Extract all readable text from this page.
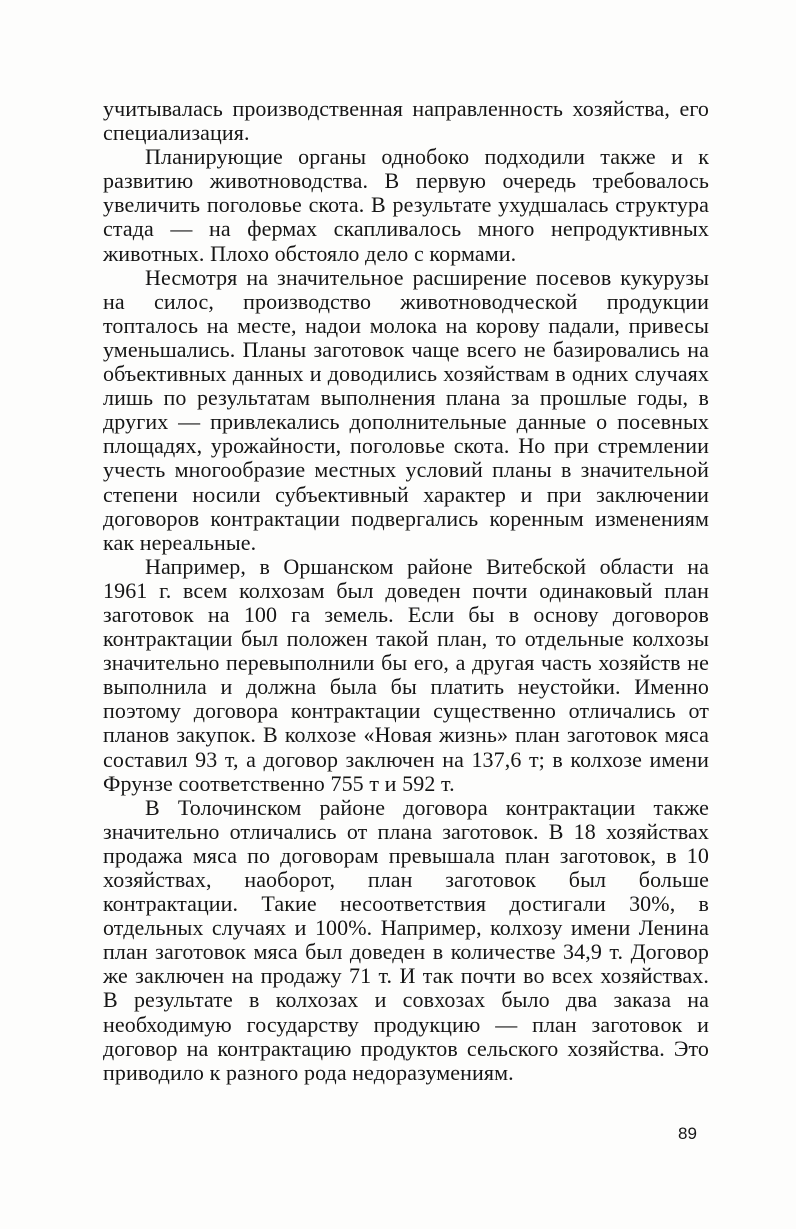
учитывалась производственная направленность хозяйства, его специализация.

Планирующие органы однобоко подходили также и к развитию животноводства. В первую очередь требовалось увеличить поголовье скота. В результате ухудшалась структура стада — на фермах скапливалось много непродуктивных животных. Плохо обстояло дело с кормами.

Несмотря на значительное расширение посевов кукурузы на силос, производство животноводческой продукции топталось на месте, надои молока на корову падали, привесы уменьшались. Планы заготовок чаще всего не базировались на объективных данных и доводились хозяйствам в одних случаях лишь по результатам выполнения плана за прошлые годы, в других — привлекались дополнительные данные о посевных площадях, урожайности, поголовье скота. Но при стремлении учесть многообразие местных условий планы в значительной степени носили субъективный характер и при заключении договоров контрактации подвергались коренным изменениям как нереальные.

Например, в Оршанском районе Витебской области на 1961 г. всем колхозам был доведен почти одинаковый план заготовок на 100 га земель. Если бы в основу договоров контрактации был положен такой план, то отдельные колхозы значительно перевыполнили бы его, а другая часть хозяйств не выполнила и должна была бы платить неустойки. Именно поэтому договора контрактации существенно отличались от планов закупок. В колхозе «Новая жизнь» план заготовок мяса составил 93 т, а договор заключен на 137,6 т; в колхозе имени Фрунзе соответственно 755 т и 592 т.

В Толочинском районе договора контрактации также значительно отличались от плана заготовок. В 18 хозяйствах продажа мяса по договорам превышала план заготовок, в 10 хозяйствах, наоборот, план заготовок был больше контрактации. Такие несоответствия достигали 30%, в отдельных случаях и 100%. Например, колхозу имени Ленина план заготовок мяса был доведен в количестве 34,9 т. Договор же заключен на продажу 71 т. И так почти во всех хозяйствах. В результате в колхозах и совхозах было два заказа на необходимую государству продукцию — план заготовок и договор на контрактацию продуктов сельского хозяйства. Это приводило к разного рода недоразумениям.

89
